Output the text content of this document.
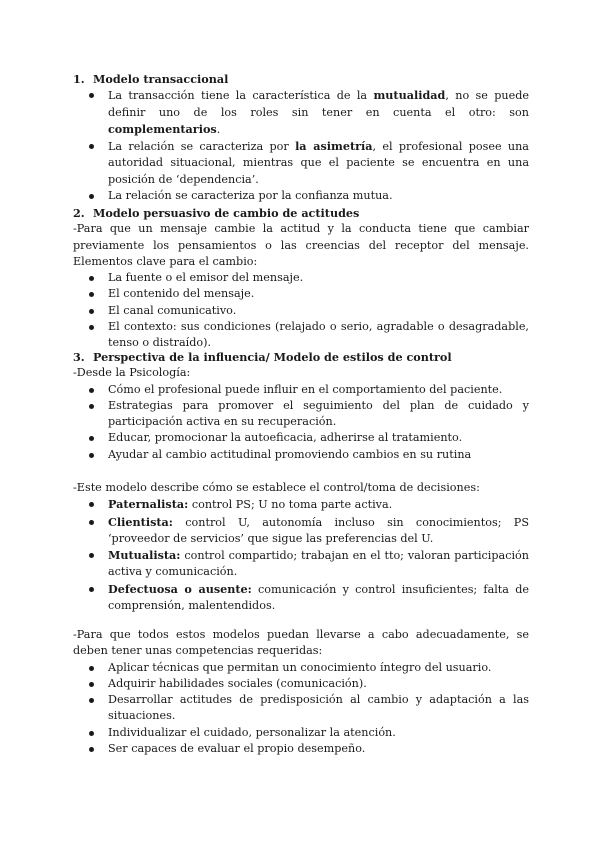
1. Modelo transaccional

La transacción tiene la característica de la mutualidad, no se puede definir uno de los roles sin tener en cuenta el otro: son complementarios.
La relación se caracteriza por la asimetría, el profesional posee una autoridad situacional, mientras que el paciente se encuentra en una posición de ‘dependencia’.
La relación se caracteriza por la confianza mutua.

2. Modelo persuasivo de cambio de actitudes

-Para que un mensaje cambie la actitud y la conducta tiene que cambiar previamente los pensamientos o las creencias del receptor del mensaje. Elementos clave para el cambio:

La fuente o el emisor del mensaje.
El contenido del mensaje.
El canal comunicativo.
El contexto: sus condiciones (relajado o serio, agradable o desagradable, tenso o distraído).

3. Perspectiva de la influencia/ Modelo de estilos de control

-Desde la Psicología:

Cómo el profesional puede influir en el comportamiento del paciente.
Estrategias para promover el seguimiento del plan de cuidado y participación activa en su recuperación.
Educar, promocionar la autoeficacia, adherirse al tratamiento.
Ayudar al cambio actitudinal promoviendo cambios en su rutina

-Este modelo describe cómo se establece el control/toma de decisiones:

Paternalista: control PS; U no toma parte activa.
Clientista: control U, autonomía incluso sin conocimientos; PS ‘proveedor de servicios’ que sigue las preferencias del U.
Mutualista: control compartido; trabajan en el tto; valoran participación activa y comunicación.
Defectuosa o ausente: comunicación y control insuficientes; falta de comprensión, malentendidos.

-Para que todos estos modelos puedan llevarse a cabo adecuadamente, se deben tener unas competencias requeridas:

Aplicar técnicas que permitan un conocimiento íntegro del usuario.
Adquirir habilidades sociales (comunicación).
Desarrollar actitudes de predisposición al cambio y adaptación a las situaciones.
Individualizar el cuidado, personalizar la atención.
Ser capaces de evaluar el propio desempeño.
